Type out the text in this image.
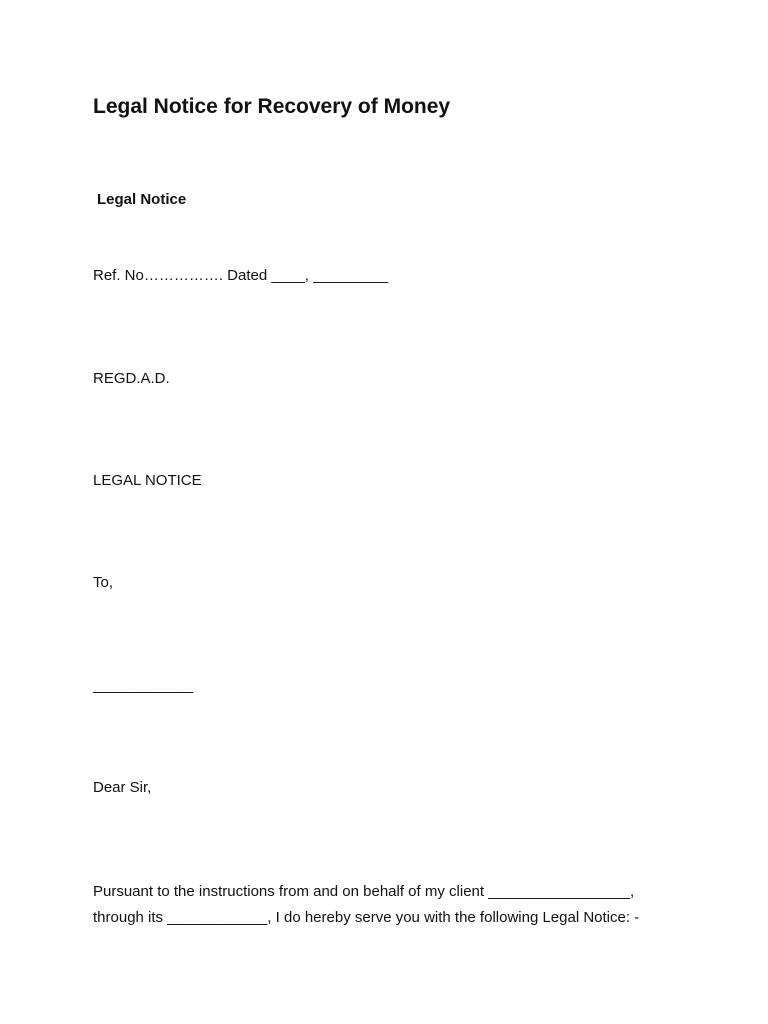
Legal Notice for Recovery of Money
Legal Notice
Ref. No……………. Dated ____, _________
REGD.A.D.
LEGAL NOTICE
To,
____________
Dear Sir,
Pursuant to the instructions from and on behalf of my client _________________,
through its ____________, I do hereby serve you with the following Legal Notice: -
